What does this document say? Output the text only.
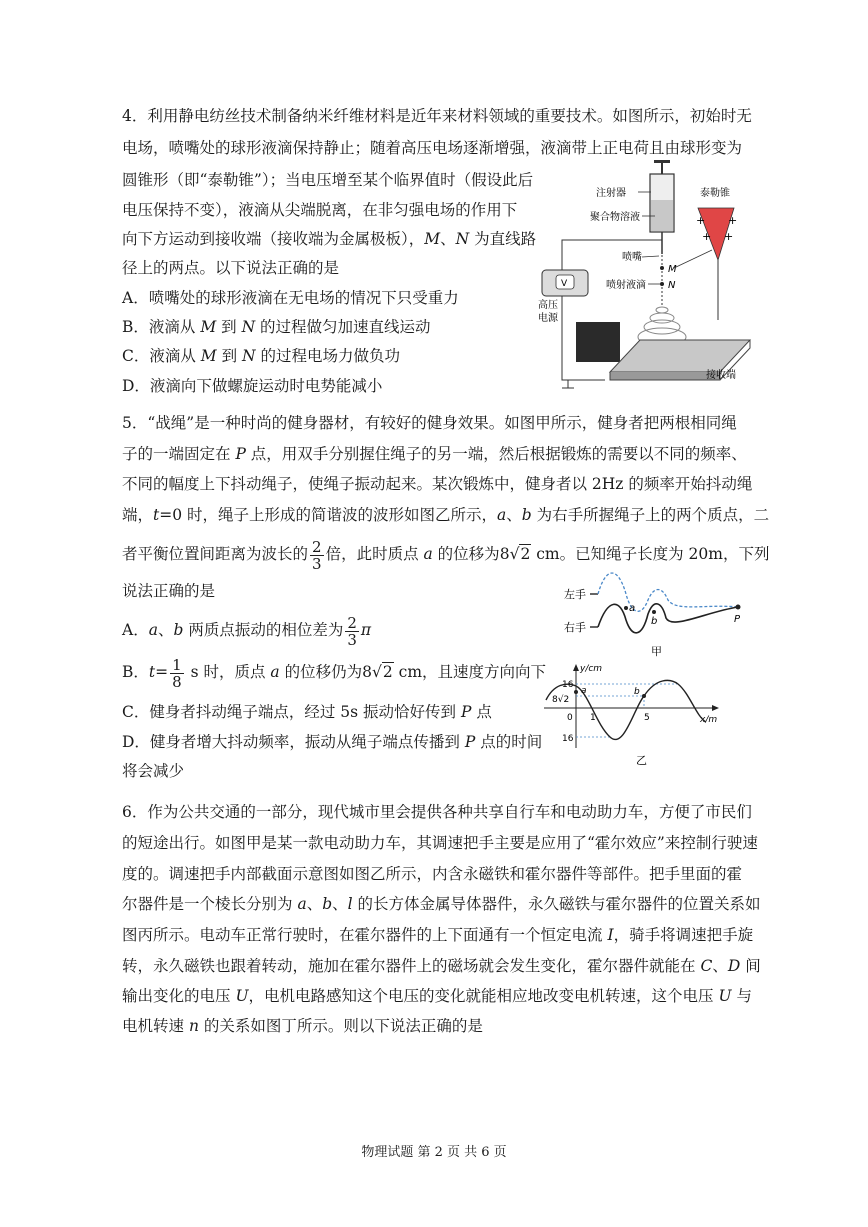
4．利用静电纺丝技术制备纳米纤维材料是近年来材料领域的重要技术。如图所示，初始时无
电场，喷嘴处的球形液滴保持静止；随着高压电场逐渐增强，液滴带上正电荷且由球形变为
圆锥形（即“泰勒锥”）；当电压增至某个临界值时（假设此后
电压保持不变），液滴从尖端脱离，在非匀强电场的作用下
向下方运动到接收端（接收端为金属极板），M、N 为直线路
径上的两点。以下说法正确的是
A．喷嘴处的球形液滴在无电场的情况下只受重力
B．液滴从 M 到 N 的过程做匀加速直线运动
C．液滴从 M 到 N 的过程电场力做负功
D．液滴向下做螺旋运动时电势能减小
注射器
聚合物溶液
喷嘴
喷射液滴
M
N
泰勒锥
+ +
+ +
V
高压
电源
接收端
5．“战绳”是一种时尚的健身器材，有较好的健身效果。如图甲所示，健身者把两根相同绳
子的一端固定在 P 点，用双手分别握住绳子的另一端，然后根据锻炼的需要以不同的频率、
不同的幅度上下抖动绳子，使绳子振动起来。某次锻炼中，健身者以 2Hz 的频率开始抖动绳
端，t=0 时，绳子上形成的简谐波的波形如图乙所示，a、b 为右手所握绳子上的两个质点，二
者平衡位置间距离为波长的 $\frac{2}{3}$ 倍，此时质点 a 的位移为8√2 cm。已知绳子长度为 20m，下列
说法正确的是
A．a、b 两质点振动的相位差为 $\frac{2}{3}$ π
B．$t= \frac{1}{8}$ s 时，质点 a 的位移仍为8√2 cm，且速度方向向下
C．健身者抖动绳子端点，经过 5s 振动恰好传到 P 点
D．健身者增大抖动频率，振动从绳子端点传播到 P 点的时间
将会减少
左手
右手
a
b	P
甲
y/cm
x/m
16
8√2
0 1	5
16
a	b
乙
6．作为公共交通的一部分，现代城市里会提供各种共享自行车和电动助力车，方便了市民们
的短途出行。如图甲是某一款电动助力车，其调速把手主要是应用了“霍尔效应”来控制行驶速
度的。调速把手内部截面示意图如图乙所示，内含永磁铁和霍尔器件等部件。把手里面的霍
尔器件是一个棱长分别为 a、b、l 的长方体金属导体器件，永久磁铁与霍尔器件的位置关系如
图丙所示。电动车正常行驶时，在霍尔器件的上下面通有一个恒定电流 I，骑手将调速把手旋
转，永久磁铁也跟着转动，施加在霍尔器件上的磁场就会发生变化，霍尔器件就能在 C、D 间
输出变化的电压 U，电机电路感知这个电压的变化就能相应地改变电机转速，这个电压 U 与
电机转速 n 的关系如图丁所示。则以下说法正确的是
物理试题 第 2 页 共 6 页
